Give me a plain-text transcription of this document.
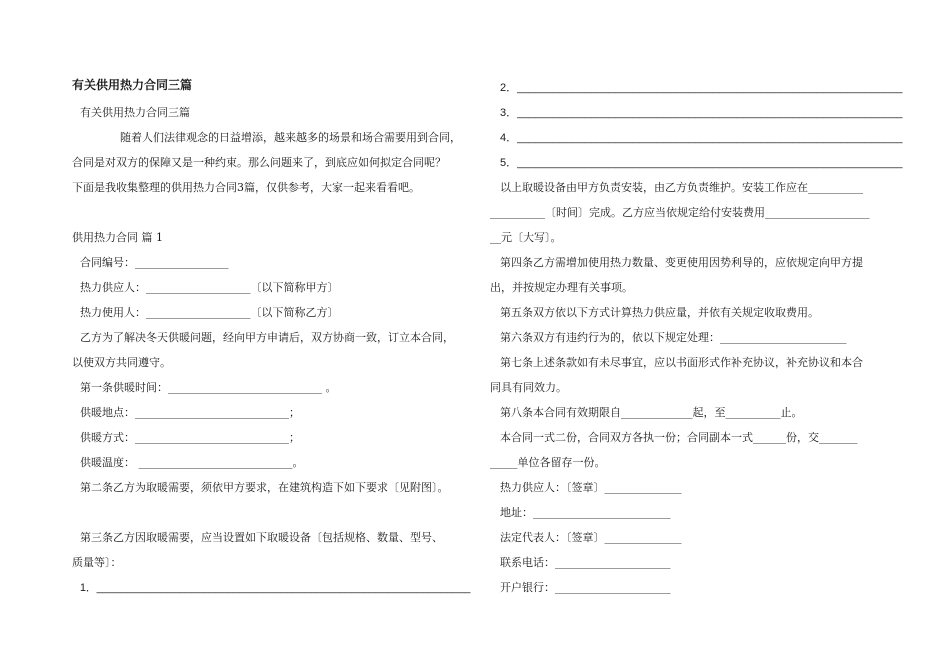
有关供用热力合同三篇
有关供用热力合同三篇
随着人们法律观念的日益增添，越来越多的场景和场合需要用到合同，
合同是对双方的保障又是一种约束。那么问题来了，到底应如何拟定合同呢？
下面是我收集整理的供用热力合同3篇，仅供参考，大家一起来看看吧。
供用热力合同 篇 1
合同编号：_________________
热力供应人：___________________〔以下简称甲方〕
热力使用人：___________________〔以下简称乙方〕
乙方为了解决冬天供暖问题，经向甲方申请后，双方协商一致，订立本合同，
以使双方共同遵守。
第一条供暖时间：____________________________ 。
供暖地点：____________________________；
供暖方式：____________________________；
供暖温度： ____________________________。
第二条乙方为取暖需要，须依甲方要求，在建筑构造下如下要求〔见附图〕。
第三条乙方因取暖需要，应当设置如下取暖设备〔包括规格、数量、型号、
质量等〕：
1．_______________________________________________________________
2．_______________________________________________________________
3．_______________________________________________________________
4．_______________________________________________________________
5．_______________________________________________________________
以上取暖设备由甲方负责安装，由乙方负责维护。安装工作应在__________
__________〔时间〕完成。乙方应当依规定给付安装费用___________________
__元〔大写〕。
第四条乙方需增加使用热力数量、变更使用因势利导的，应依规定向甲方提
出，并按规定办理有关事项。
第五条双方依以下方式计算热力供应量，并依有关规定收取费用。
第六条双方有违约行为的，依以下规定处理：_______________________
第七条上述条款如有未尽事宜，应以书面形式作补充协议，补充协议和本合
同具有同效力。
第八条本合同有效期限自_____________起，至__________止。
本合同一式二份，合同双方各执一份；合同副本一式______份，交_______
_____单位各留存一份。
热力供应人：〔签章〕______________
地址：_________________________
法定代表人：〔签章〕______________
联系电话：_____________________
开户银行：_____________________
